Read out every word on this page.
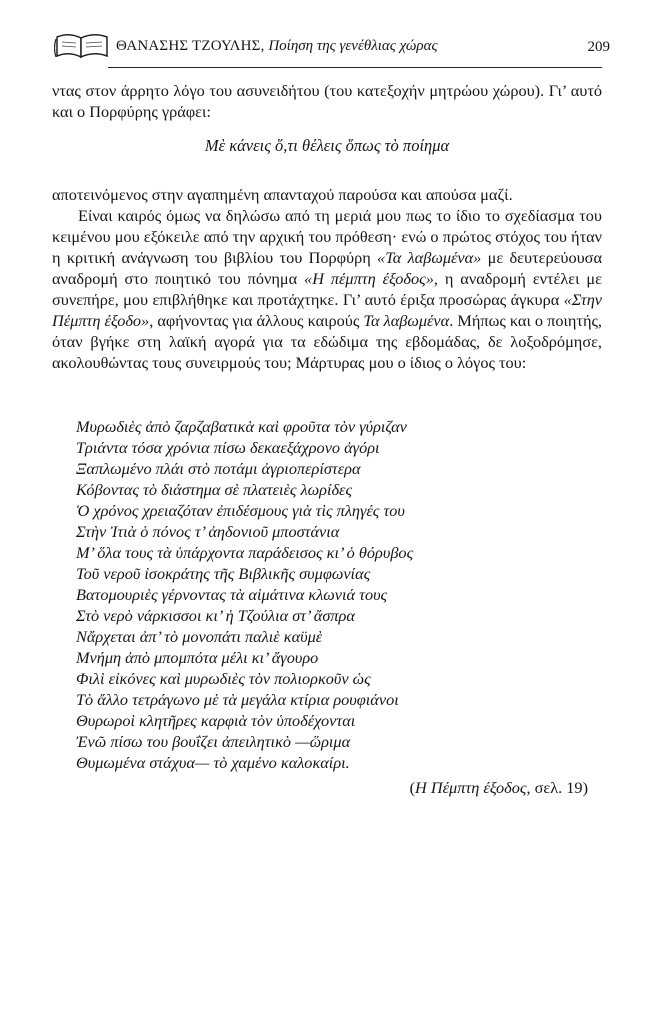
ΘΑΝΑΣΗΣ ΤΖΟΥΛΗΣ, Ποίηση της γενέθλιας χώρας	209

ντας στον άρρητο λόγο του ασυνειδήτου (του κατεξοχήν μητρώου χώρου). Γι’ αυτό και ο Πορφύρης γράφει:

Μὲ κάνεις ὅ,τι θέλεις ὅπως τὸ ποίημα

αποτεινόμενος στην αγαπημένη απανταχού παρούσα και απούσα μαζί.
Είναι καιρός όμως να δηλώσω από τη μεριά μου πως το ίδιο το σχεδίασμα του κειμένου μου εξόκειλε από την αρχική του πρόθεση· ενώ ο πρώτος στόχος του ήταν η κριτική ανάγνωση του βιβλίου του Πορφύρη «Τα λαβωμένα» με δευτερεύουσα αναδρομή στο ποιητικό του πόνημα «Η πέμπτη έξοδος», η αναδρομή εντέλει με συνεπήρε, μου επιβλήθηκε και προτάχτηκε. Γι’ αυτό έριξα προσώρας άγκυρα «Στην Πέμπτη έξοδο», αφήνοντας για άλλους καιρούς Τα λαβωμένα. Μήπως και ο ποιητής, όταν βγήκε στη λαϊκή αγορά για τα εδώδιμα της εβδομάδας, δε λοξοδρόμησε, ακολουθώντας τους συνειρμούς του; Μάρτυρας μου ο ίδιος ο λόγος του:

Μυρωδιὲς ἀπὸ ζαρζαβατικὰ καὶ φροῦτα τὸν γύριζαν
Τριάντα τόσα χρόνια πίσω δεκαεξάχρονο ἀγόρι
Ξαπλωμένο πλάι στὸ ποτάμι ἀγριοπερίστερα
Κόβοντας τὸ διάστημα σὲ πλατειὲς λωρίδες
Ὁ χρόνος χρειαζόταν ἐπιδέσμους γιὰ τὶς πληγές του
Στὴν Ἰτιὰ ὁ πόνος τ’ ἀηδονιοῦ μποστάνια
Μ’ ὅλα τους τὰ ὑπάρχοντα παράδεισος κι’ ὁ θόρυβος
Τοῦ νεροῦ ἰσοκράτης τῆς Βιβλικῆς συμφωνίας
Βατομουριὲς γέρνοντας τὰ αἱμάτινα κλωνιά τους
Στὸ νερὸ νάρκισσοι κι’ ἡ Τζούλια στ’ ἄσπρα
Νἄρχεται ἀπ’ τὸ μονοπάτι παλιὲ καϋμὲ
Μνήμη ἀπὸ μπομπότα μέλι κι’ ἄγουρο
Φιλὶ εἰκόνες καὶ μυρωδιὲς τὸν πολιορκοῦν ὡς
Τὸ ἄλλο τετράγωνο μὲ τὰ μεγάλα κτίρια ρουφιάνοι
Θυρωροὶ κλητῆρες καρφιὰ τὸν ὑποδέχονται
Ἐνῶ πίσω του βουΐζει ἀπειλητικὸ —ὥριμα
Θυμωμένα στάχυα— τὸ χαμένο καλοκαίρι.
(Η Πέμπτη έξοδος, σελ. 19)
